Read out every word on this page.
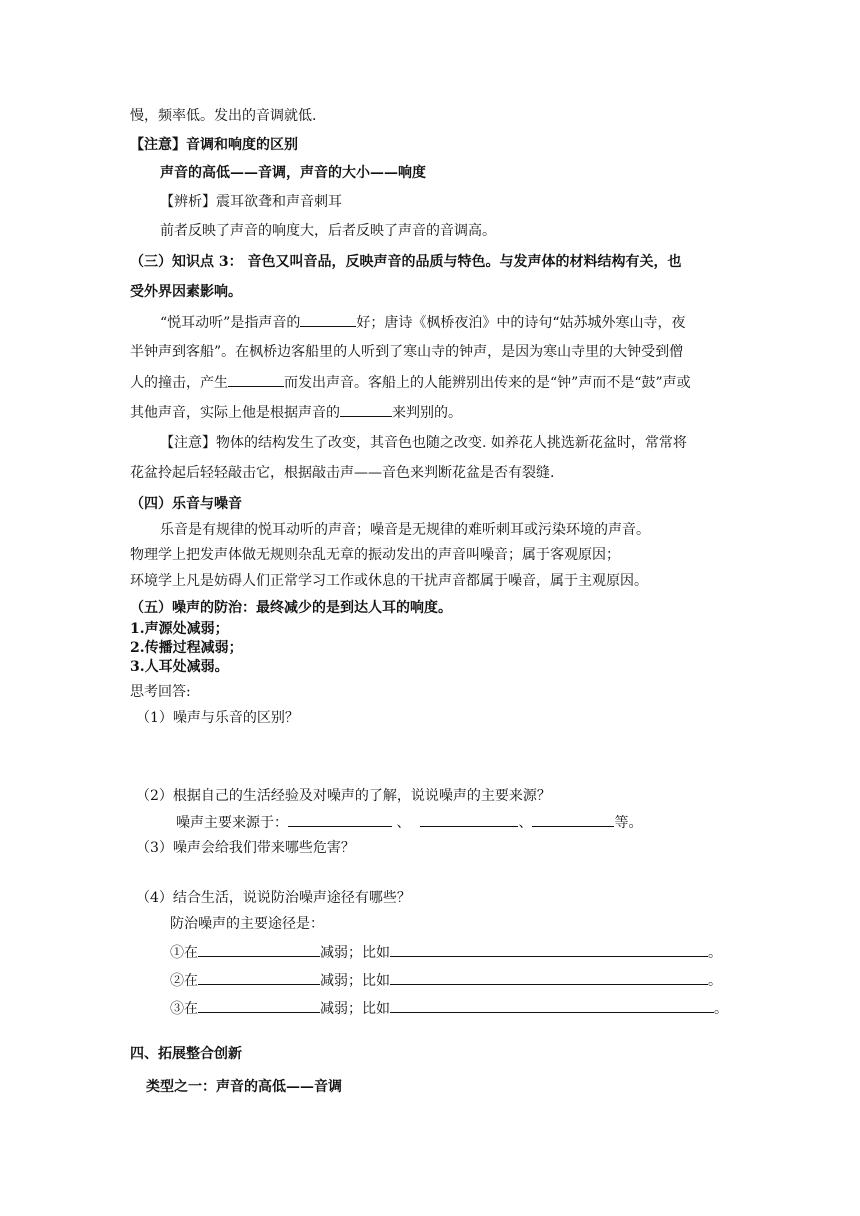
慢，频率低。发出的音调就低.
【注意】音调和响度的区别
声音的高低——音调，声音的大小——响度
【辨析】震耳欲聋和声音刺耳
前者反映了声音的响度大，后者反映了声音的音调高。
（三）知识点 3： 音色又叫音品，反映声音的品质与特色。与发声体的材料结构有关，也
受外界因素影响。
“悦耳动听”是指声音的	好；唐诗《枫桥夜泊》中的诗句“姑苏城外寒山寺，夜
半钟声到客船”。在枫桥边客船里的人听到了寒山寺的钟声，是因为寒山寺里的大钟受到僧
人的撞击，产生	而发出声音。客船上的人能辨别出传来的是“钟”声而不是“鼓”声或
其他声音，实际上他是根据声音的	来判别的。
【注意】物体的结构发生了改变，其音色也随之改变. 如养花人挑选新花盆时，常常将
花盆拎起后轻轻敲击它，根据敲击声——音色来判断花盆是否有裂缝.
（四）乐音与噪音
乐音是有规律的悦耳动听的声音；噪音是无规律的难听刺耳或污染环境的声音。
物理学上把发声体做无规则杂乱无章的振动发出的声音叫噪音；属于客观原因；
环境学上凡是妨碍人们正常学习工作或休息的干扰声音都属于噪音，属于主观原因。
（五）噪声的防治：最终减少的是到达人耳的响度。
1.声源处减弱；
2.传播过程减弱；
3.人耳处减弱。
思考回答:
（1）噪声与乐音的区别？
（2）根据自己的生活经验及对噪声的了解，说说噪声的主要来源？
噪声主要来源于：	、	、	等。
（3）噪声会给我们带来哪些危害？
（4）结合生活，说说防治噪声途径有哪些？
防治噪声的主要途径是：
①在	减弱；比如	。
②在	减弱；比如	。
③在	减弱；比如	。
四、拓展整合创新
类型之一：声音的高低——音调
